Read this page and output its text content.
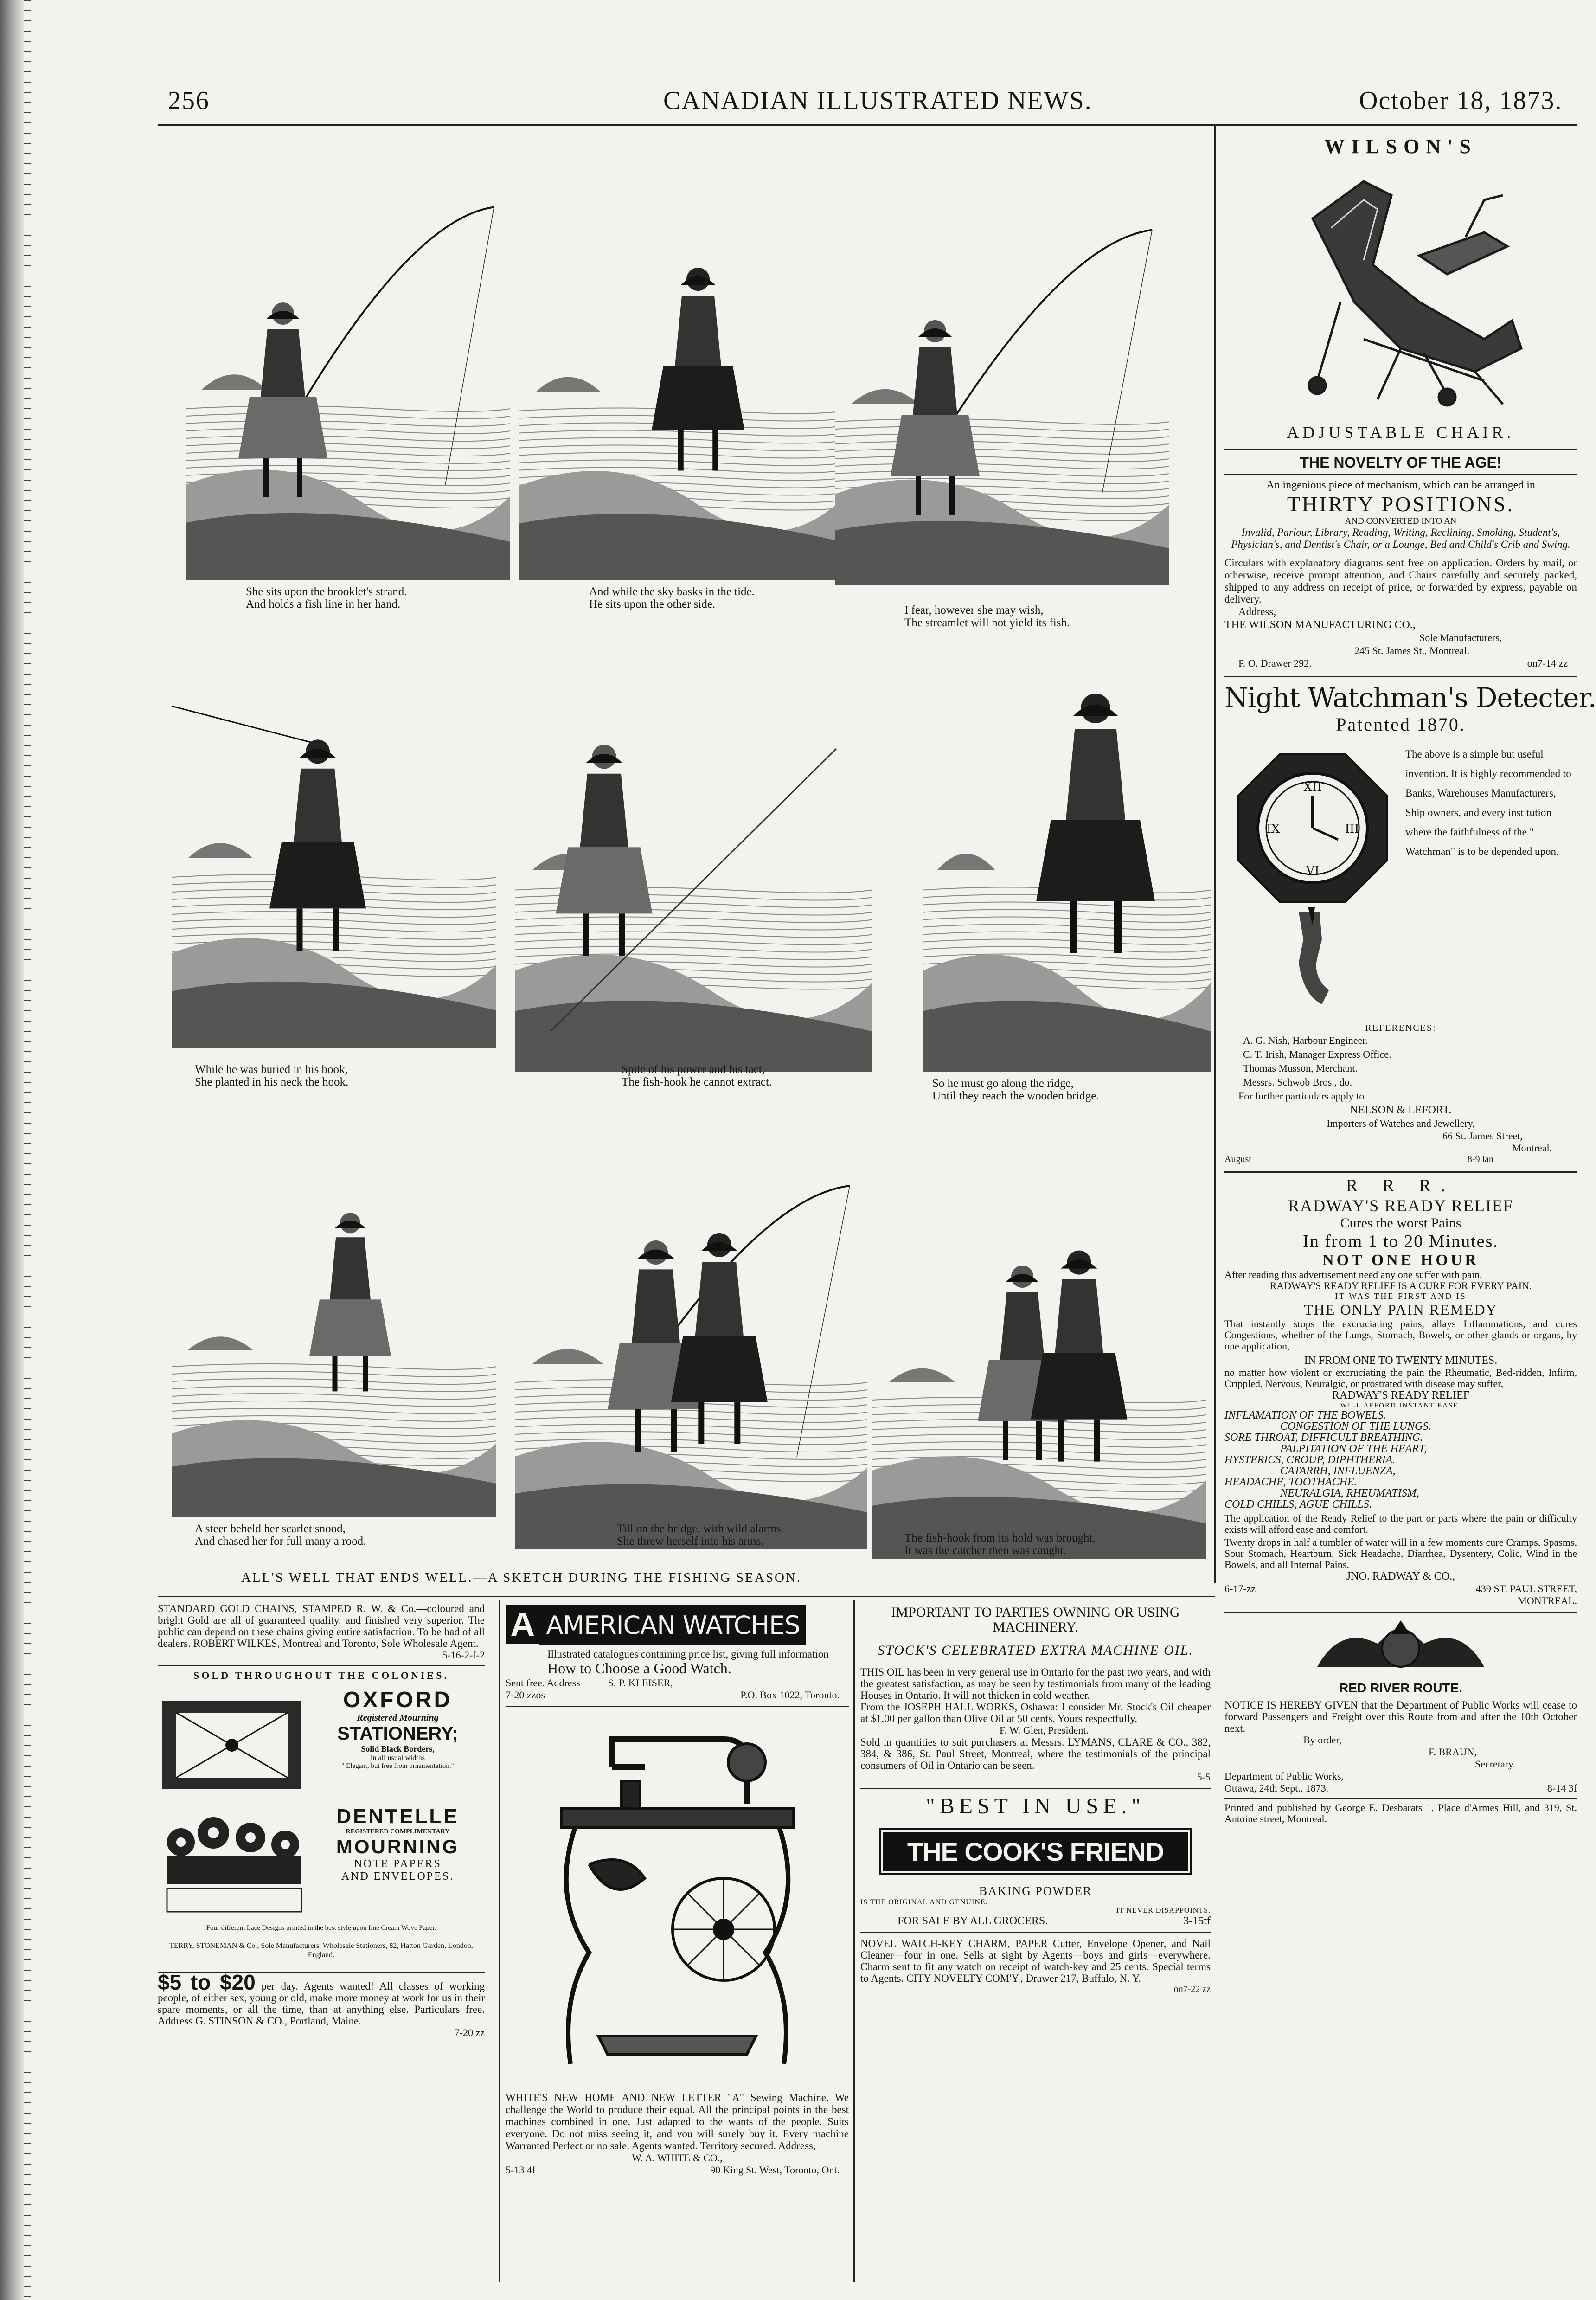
256	CANADIAN ILLUSTRATED NEWS.	October 18, 1873.
She sits upon the brooklet's strand.
And holds a fish line in her hand.
And while the sky basks in the tide.
He sits upon the other side.	I fear, however she may wish,
The streamlet will not yield its fish.
While he was buried in his book,
She planted in his neck the hook.
Spite of his power and his tact,
The fish-hook he cannot extract.	So he must go along the ridge,
Until they reach the wooden bridge.
A steer beheld her scarlet snood,
And chased her for full many a rood.
Till on the bridge, with wild alarms
She threw herself into his arms.	The fish-hook from its hold was brought,
It was the catcher then was caught.
ALL'S WELL THAT ENDS WELL.—A SKETCH DURING THE FISHING SEASON.
WILSON'S
ADJUSTABLE CHAIR.
THE NOVELTY OF THE AGE!
An ingenious piece of mechanism, which can be arranged in
THIRTY POSITIONS.
AND CONVERTED INTO AN
Invalid, Parlour, Library, Reading, Writing, Reclining, Smoking, Student's, Physician's, and Dentist's Chair, or a Lounge, Bed and Child's Crib and Swing.
Circulars with explanatory diagrams sent free on application. Orders by mail, or otherwise, receive prompt attention, and Chairs carefully and securely packed, shipped to any address on receipt of price, or forwarded by express, payable on delivery.
Address,
THE WILSON MANUFACTURING CO.,
Sole Manufacturers,
245 St. James St., Montreal.
P. O. Drawer 292.	on7-14 zz
Night Watchman's Detecter.
Patented 1870.
XII
III
VI
IX
The above is a simple but useful invention. It is highly recommended to Banks, Warehouses Manufacturers, Ship owners, and every institution where the faithfulness of the " Watchman" is to be depended upon.
REFERENCES:
A. G. Nish, Harbour Engineer.
C. T. Irish, Manager Express Office.
Thomas Musson, Merchant.
Messrs. Schwob Bros., do.
For further particulars apply to
NELSON & LEFORT.
Importers of Watches and Jewellery,
66 St. James Street,
Montreal.
August	8-9 lan
R R R.
RADWAY'S READY RELIEF
Cures the worst Pains
In from 1 to 20 Minutes.
NOT ONE HOUR
After reading this advertisement need any one suffer with pain.
RADWAY'S READY RELIEF IS A CURE FOR EVERY PAIN.
IT WAS THE FIRST AND IS
THE ONLY PAIN REMEDY
That instantly stops the excruciating pains, allays Inflammations, and cures Congestions, whether of the Lungs, Stomach, Bowels, or other glands or organs, by one application,
IN FROM ONE TO TWENTY MINUTES.
no matter how violent or excruciating the pain the Rheumatic, Bed-ridden, Infirm, Crippled, Nervous, Neuralgic, or prostrated with disease may suffer,
RADWAY'S READY RELIEF
WILL AFFORD INSTANT EASE.
INFLAMATION OF THE BOWELS.
CONGESTION OF THE LUNGS.
SORE THROAT, DIFFICULT BREATHING.
PALPITATION OF THE HEART,
HYSTERICS, CROUP, DIPHTHERIA.
CATARRH, INFLUENZA,
HEADACHE, TOOTHACHE.
NEURALGIA, RHEUMATISM,
COLD CHILLS, AGUE CHILLS.
The application of the Ready Relief to the part or parts where the pain or difficulty exists will afford ease and comfort.
Twenty drops in half a tumbler of water will in a few moments cure Cramps, Spasms, Sour Stomach, Heartburn, Sick Headache, Diarrhea, Dysentery, Colic, Wind in the Bowels, and all Internal Pains.
JNO. RADWAY & CO.,
6-17-zz	439 ST. PAUL STREET,
MONTREAL.
RED RIVER ROUTE.
NOTICE IS HEREBY GIVEN that the Department of Public Works will cease to forward Passengers and Freight over this Route from and after the 10th October next.
By order,
F. BRAUN,
Secretary.
Department of Public Works,
Ottawa, 24th Sept., 1873.	8-14 3f
Printed and published by George E. Desbarats 1, Place d'Armes Hill, and 319, St. Antoine street, Montreal.
STANDARD GOLD CHAINS, STAMPED R. W. & Co.—coloured and bright Gold are all of guaranteed quality, and finished very superior. The public can depend on these chains giving entire satisfaction. To be had of all dealers. ROBERT WILKES, Montreal and Toronto, Sole Wholesale Agent.
5-16-2-f-2
SOLD THROUGHOUT THE COLONIES.
OXFORD
Registered Mourning
STATIONERY;
Solid Black Borders,
in all usual widths
" Elegant, but free from ornamentation."
DENTELLE
REGISTERED COMPLIMENTARY
MOURNING
NOTE PAPERS
AND ENVELOPES.
Four different Lace Designs printed in the best style upon fine Cream Wove Paper.
TERRY, STONEMAN & Co., Sole Manufacturers, Wholesale Stationers, 82, Hatton Garden, London, England.
$5 to $20 per day. Agents wanted! All classes of working people, of either sex, young or old, make more money at work for us in their spare moments, or all the time, than at anything else. Particulars free. Address G. STINSON & CO., Portland, Maine.
7-20 zz
A AMERICAN WATCHES
Illustrated catalogues containing price list, giving full information
How to Choose a Good Watch.
Sent free. Address	S. P. KLEISER,
7-20 zzos	P.O. Box 1022, Toronto.
WHITE'S NEW HOME AND NEW LETTER "A" Sewing Machine. We challenge the World to produce their equal. All the principal points in the best machines combined in one. Just adapted to the wants of the people. Suits everyone. Do not miss seeing it, and you will surely buy it. Every machine Warranted Perfect or no sale. Agents wanted. Territory secured. Address,
W. A. WHITE & CO.,
5-13 4f	90 King St. West, Toronto, Ont.
IMPORTANT TO PARTIES OWNING OR USING MACHINERY.
STOCK'S CELEBRATED EXTRA MACHINE OIL.
THIS OIL has been in very general use in Ontario for the past two years, and with the greatest satisfaction, as may be seen by testimonials from many of the leading Houses in Ontario. It will not thicken in cold weather.
From the JOSEPH HALL WORKS, Oshawa: I consider Mr. Stock's Oil cheaper at $1.00 per gallon than Olive Oil at 50 cents. Yours respectfully,
F. W. Glen, President.
Sold in quantities to suit purchasers at Messrs. LYMANS, CLARE & CO., 382, 384, & 386, St. Paul Street, Montreal, where the testimonials of the principal consumers of Oil in Ontario can be seen.
5-5
"BEST IN USE."
THE COOK'S FRIEND
BAKING POWDER
IS THE ORIGINAL AND GENUINE.
IT NEVER DISAPPOINTS.
FOR SALE BY ALL GROCERS.	3-15tf
NOVEL WATCH-KEY CHARM, PAPER Cutter, Envelope Opener, and Nail Cleaner—four in one. Sells at sight by Agents—boys and girls—everywhere. Charm sent to fit any watch on receipt of watch-key and 25 cents. Special terms to Agents. CITY NOVELTY COM'Y., Drawer 217, Buffalo, N. Y.
on7-22 zz
